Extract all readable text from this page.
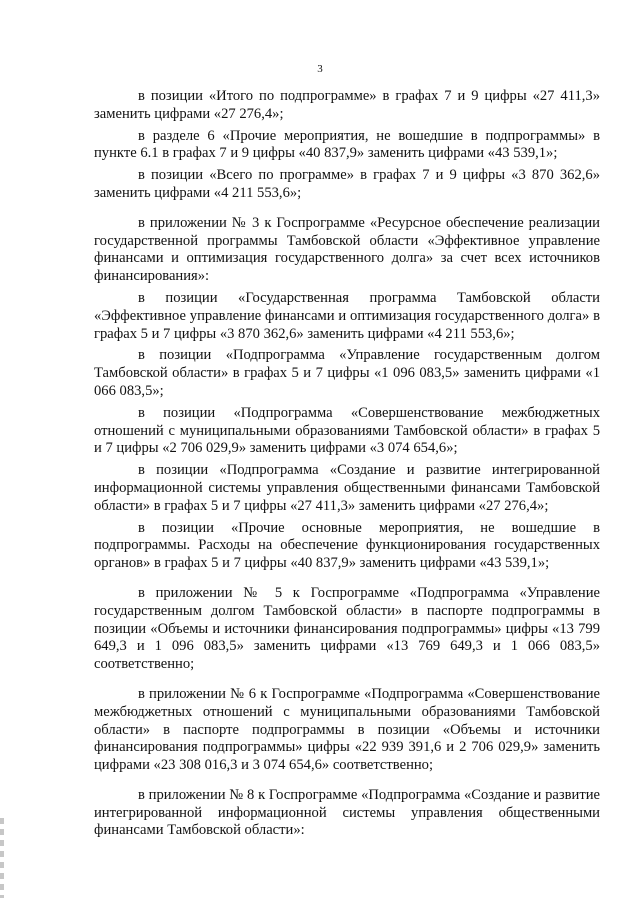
3

в позиции «Итого по подпрограмме» в графах 7 и 9 цифры «27 411,3» заменить цифрами «27 276,4»;

в разделе 6 «Прочие мероприятия, не вошедшие в подпрограммы» в пункте 6.1 в графах 7 и 9 цифры «40 837,9» заменить цифрами «43 539,1»;

в позиции «Всего по программе» в графах 7 и 9 цифры «3 870 362,6» заменить цифрами «4 211 553,6»;

в приложении № 3 к Госпрограмме «Ресурсное обеспечение реализации государственной программы Тамбовской области «Эффективное управление финансами и оптимизация государственного долга» за счет всех источников финансирования»:

в позиции «Государственная программа Тамбовской области «Эффективное управление финансами и оптимизация государственного долга» в графах 5 и 7 цифры «3 870 362,6» заменить цифрами «4 211 553,6»;

в позиции «Подпрограмма «Управление государственным долгом Тамбовской области» в графах 5 и 7 цифры «1 096 083,5» заменить цифрами «1 066 083,5»;

в позиции «Подпрограмма «Совершенствование межбюджетных отношений с муниципальными образованиями Тамбовской области» в графах 5 и 7 цифры «2 706 029,9» заменить цифрами «3 074 654,6»;

в позиции «Подпрограмма «Создание и развитие интегрированной информационной системы управления общественными финансами Тамбовской области» в графах 5 и 7 цифры «27 411,3» заменить цифрами «27 276,4»;

в позиции «Прочие основные мероприятия, не вошедшие в подпрограммы. Расходы на обеспечение функционирования государственных органов» в графах 5 и 7 цифры «40 837,9» заменить цифрами «43 539,1»;

в приложении № 5 к Госпрограмме «Подпрограмма «Управление государственным долгом Тамбовской области» в паспорте подпрограммы в позиции «Объемы и источники финансирования подпрограммы» цифры «13 799 649,3 и 1 096 083,5» заменить цифрами «13 769 649,3 и 1 066 083,5» соответственно;

в приложении № 6 к Госпрограмме «Подпрограмма «Совершенствование межбюджетных отношений с муниципальными образованиями Тамбовской области» в паспорте подпрограммы в позиции «Объемы и источники финансирования подпрограммы» цифры «22 939 391,6 и 2 706 029,9» заменить цифрами «23 308 016,3 и 3 074 654,6» соответственно;

в приложении № 8 к Госпрограмме «Подпрограмма «Создание и развитие интегрированной информационной системы управления общественными финансами Тамбовской области»:
